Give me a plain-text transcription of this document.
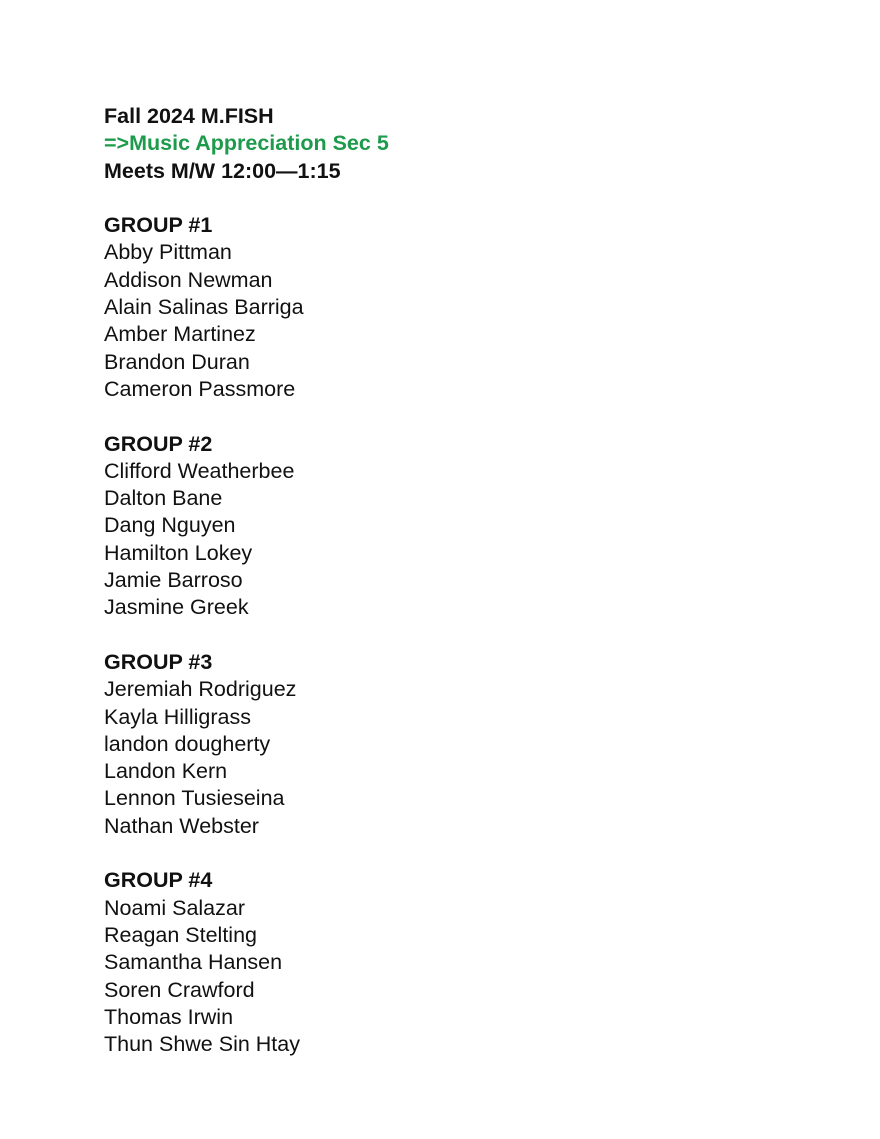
Fall 2024 M.FISH
=>Music Appreciation Sec 5
Meets M/W 12:00—1:15
GROUP #1
Abby Pittman
Addison Newman
Alain Salinas Barriga
Amber Martinez
Brandon Duran
Cameron Passmore
GROUP #2
Clifford Weatherbee
Dalton Bane
Dang Nguyen
Hamilton Lokey
Jamie Barroso
Jasmine Greek
GROUP #3
Jeremiah Rodriguez
Kayla Hilligrass
landon dougherty
Landon Kern
Lennon Tusieseina
Nathan Webster
GROUP #4
Noami Salazar
Reagan Stelting
Samantha Hansen
Soren Crawford
Thomas Irwin
Thun Shwe Sin Htay
